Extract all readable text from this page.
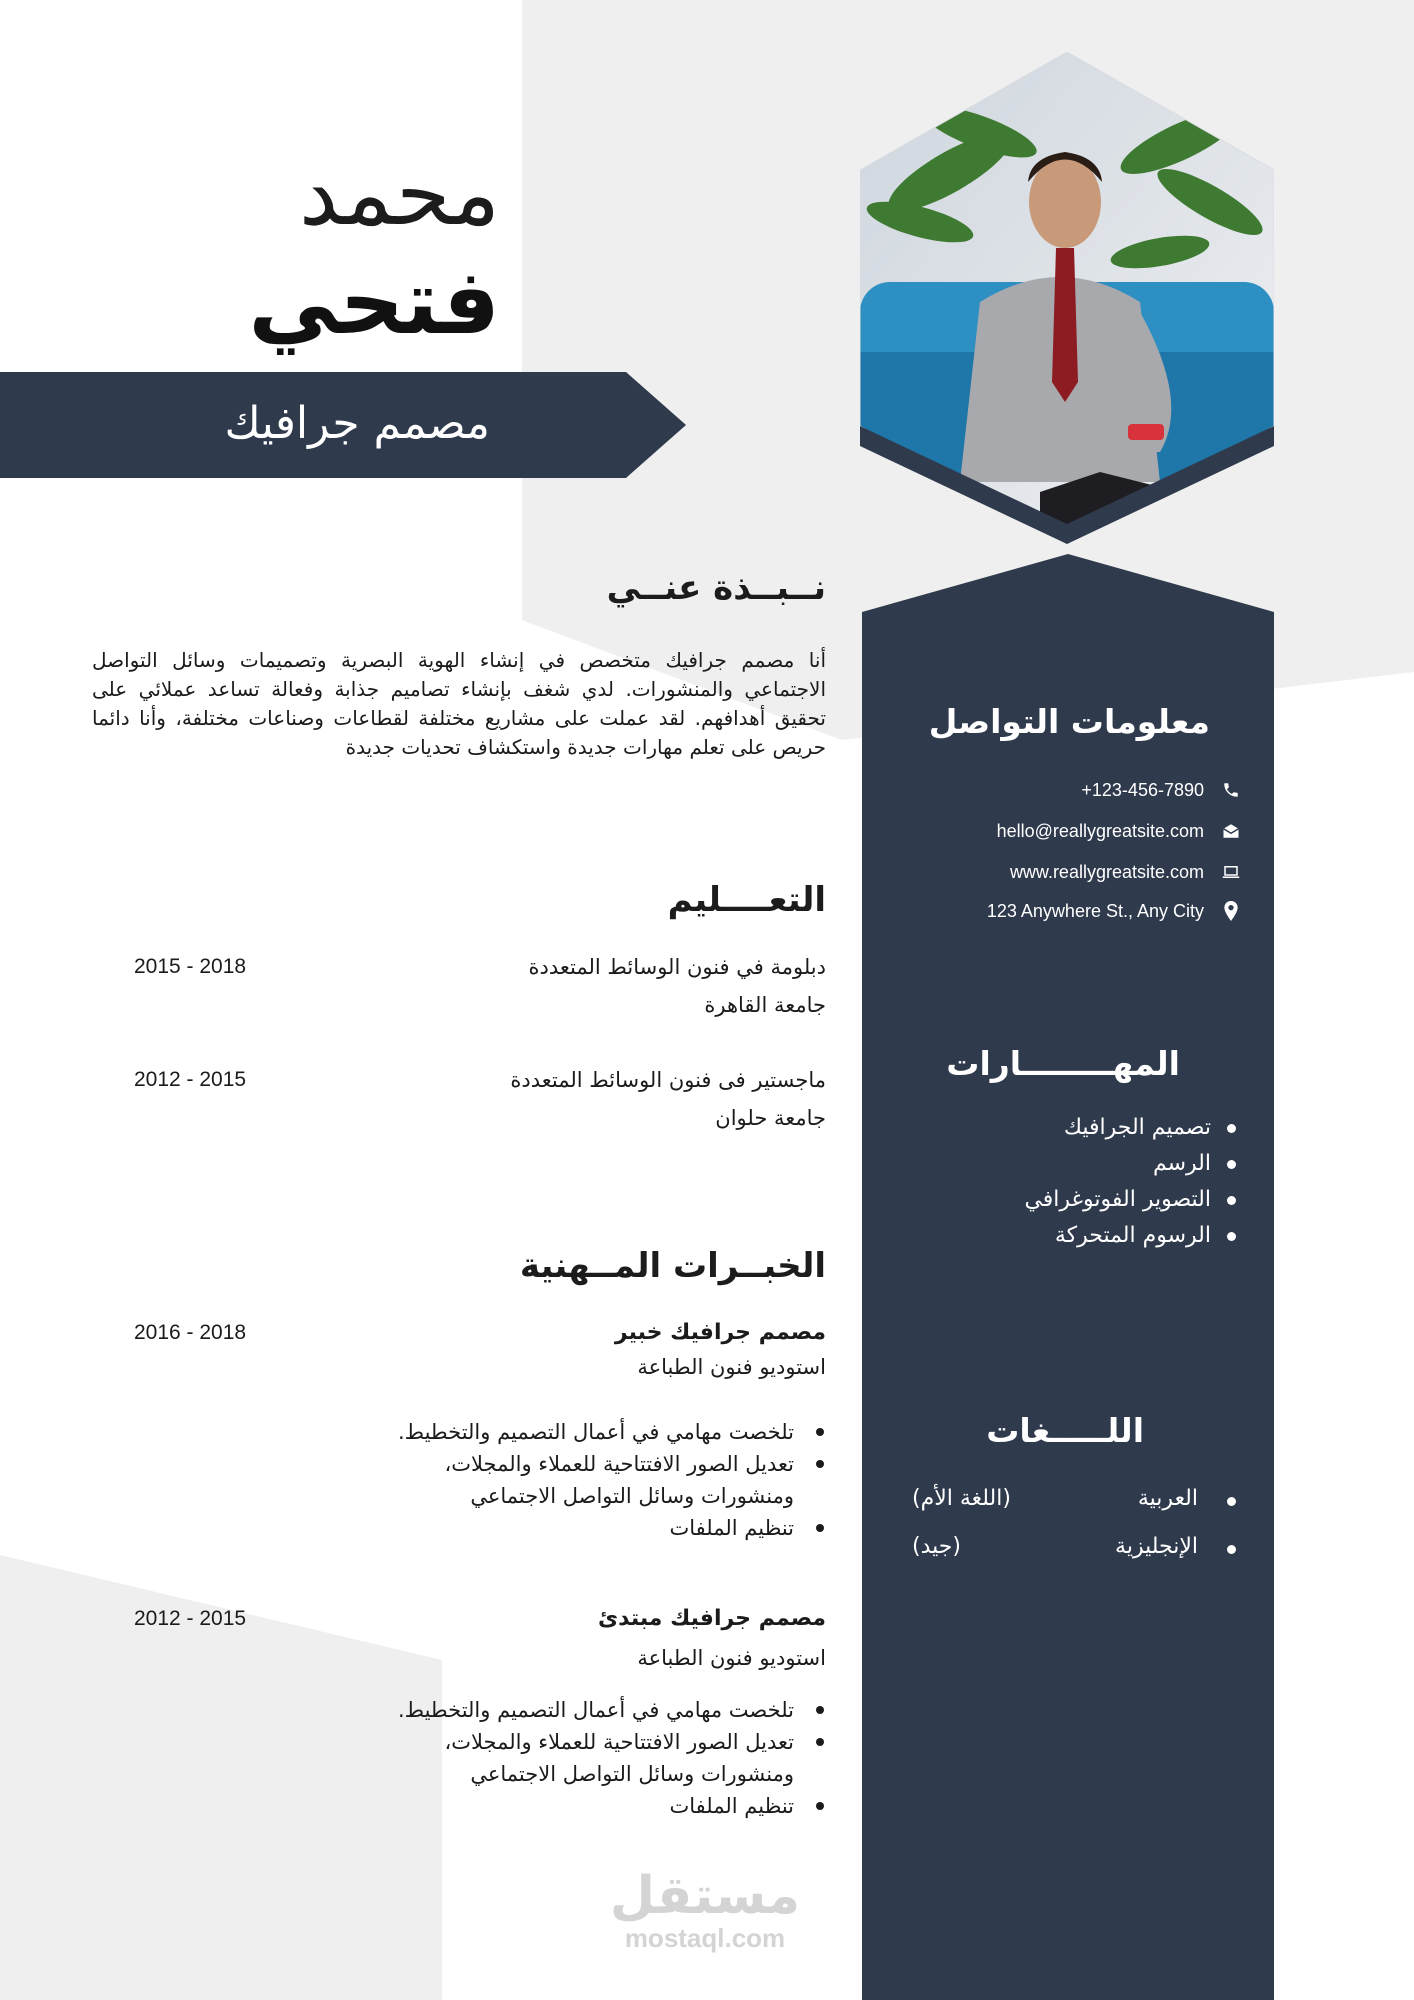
محمد
فتحي
مصمم جرافيك
معلومات التواصل
+123-456-7890
hello@reallygreatsite.com
www.reallygreatsite.com
123 Anywhere St., Any City
المهــــــــارات
تصميم الجرافيك
الرسم
التصوير الفوتوغرافي
الرسوم المتحركة
اللـــــغات
العربية
(اللغة الأم)
الإنجليزية
(جيد)
نــبــذة عنــي
أنا مصمم جرافيك متخصص في إنشاء الهوية البصرية وتصميمات وسائل التواصل الاجتماعي والمنشورات. لدي شغف بإنشاء تصاميم جذابة وفعالة تساعد عملائي على تحقيق أهدافهم. لقد عملت على مشاريع مختلفة لقطاعات وصناعات مختلفة، وأنا دائما حريص على تعلم مهارات جديدة واستكشاف تحديات جديدة
التعــــليم
دبلومة في فنون الوسائط المتعددة
جامعة القاهرة
2015 - 2018
ماجستير فى فنون الوسائط المتعددة
جامعة حلوان
2012 - 2015
الخبــرات المــهنية
مصمم جرافيك خبير
استوديو فنون الطباعة
2016 - 2018
تلخصت مهامي في أعمال التصميم والتخطيط.
تعديل الصور الافتتاحية للعملاء والمجلات،
ومنشورات وسائل التواصل الاجتماعي
تنظيم الملفات
مصمم جرافيك مبتدئ
استوديو فنون الطباعة
2012 - 2015
تلخصت مهامي في أعمال التصميم والتخطيط.
تعديل الصور الافتتاحية للعملاء والمجلات،
ومنشورات وسائل التواصل الاجتماعي
تنظيم الملفات
مستقل
mostaql.com
